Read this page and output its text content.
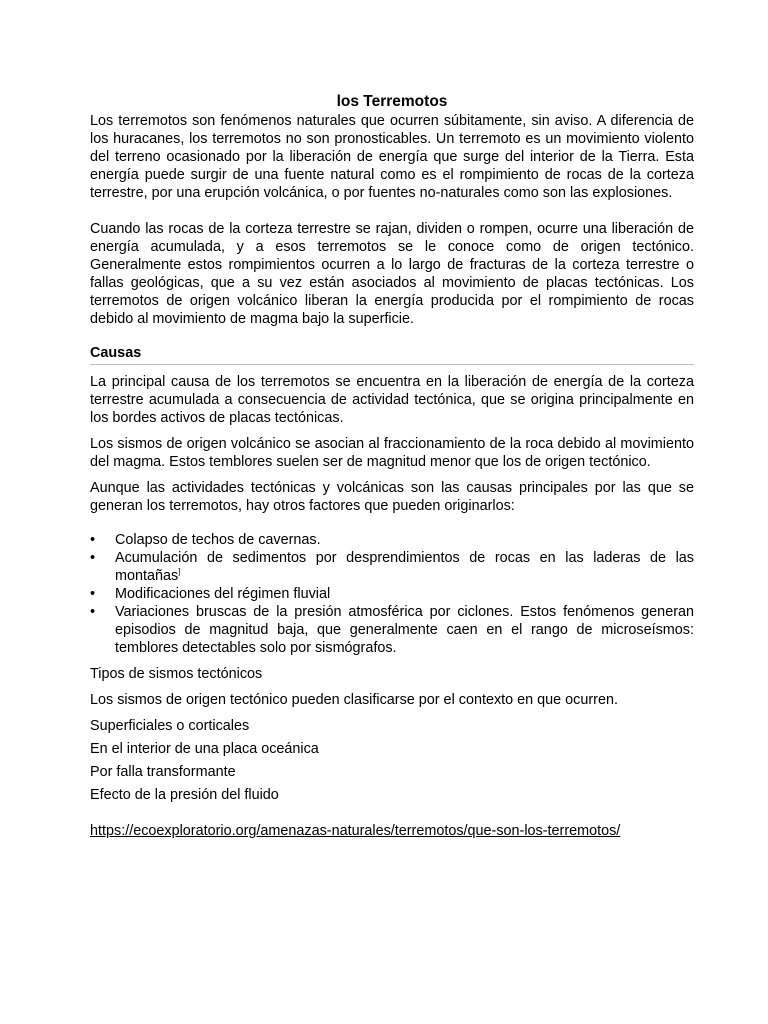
los Terremotos

Los terremotos son fenómenos naturales que ocurren súbitamente, sin aviso. A diferencia de los huracanes, los terremotos no son pronosticables. Un terremoto es un movimiento violento del terreno ocasionado por la liberación de energía que surge del interior de la Tierra. Esta energía puede surgir de una fuente natural como es el rompimiento de rocas de la corteza terrestre, por una erupción volcánica, o por fuentes no-naturales como son las explosiones.

Cuando las rocas de la corteza terrestre se rajan, dividen o rompen, ocurre una liberación de energía acumulada, y a esos terremotos se le conoce como de origen tectónico. Generalmente estos rompimientos ocurren a lo largo de fracturas de la corteza terrestre o fallas geológicas, que a su vez están asociados al movimiento de placas tectónicas. Los terremotos de origen volcánico liberan la energía producida por el rompimiento de rocas debido al movimiento de magma bajo la superficie.

Causas

La principal causa de los terremotos se encuentra en la liberación de energía de la corteza terrestre acumulada a consecuencia de actividad tectónica, que se origina principalmente en los bordes activos de placas tectónicas.

Los sismos de origen volcánico se asocian al fraccionamiento de la roca debido al movimiento del magma. Estos temblores suelen ser de magnitud menor que los de origen tectónico.

Aunque las actividades tectónicas y volcánicas son las causas principales por las que se generan los terremotos, hay otros factores que pueden originarlos:

•	Colapso de techos de cavernas.
•	Acumulación de sedimentos por desprendimientos de rocas en las laderas de las montañas]
•	Modificaciones del régimen fluvial
•	Variaciones bruscas de la presión atmosférica por ciclones. Estos fenómenos generan episodios de magnitud baja, que generalmente caen en el rango de microseísmos: temblores detectables solo por sismógrafos.

Tipos de sismos tectónicos

Los sismos de origen tectónico pueden clasificarse por el contexto en que ocurren.

Superficiales o corticales

En el interior de una placa oceánica

Por falla transformante

Efecto de la presión del fluido

https://ecoexploratorio.org/amenazas-naturales/terremotos/que-son-los-terremotos/
